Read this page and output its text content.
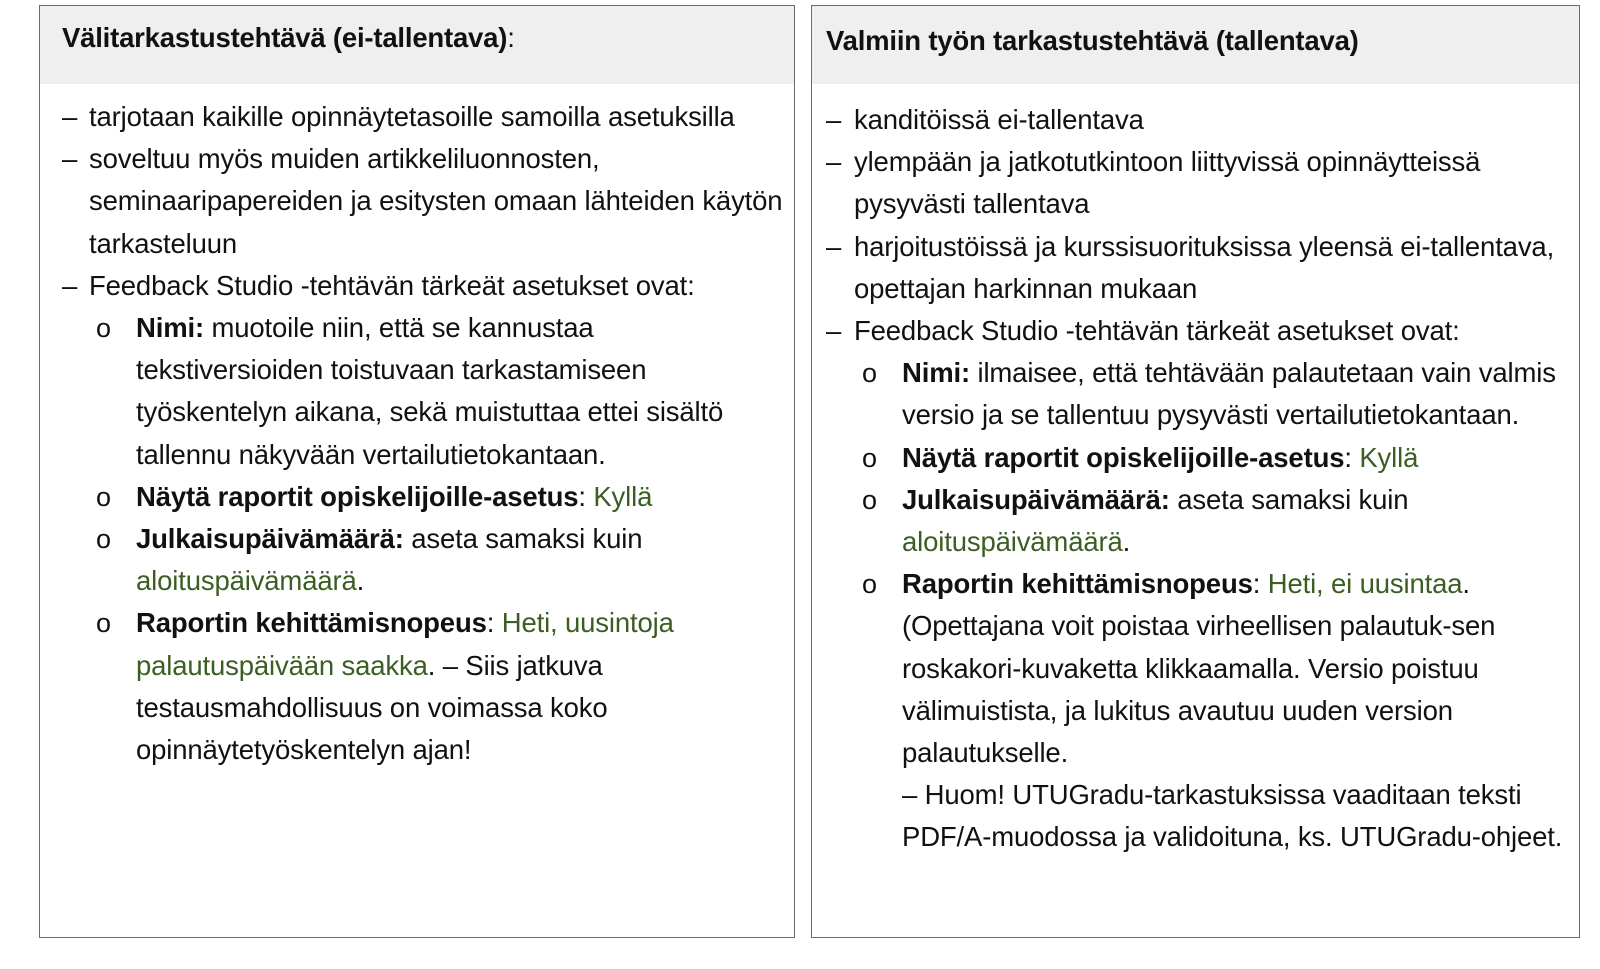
Välitarkastustehtävä (ei-tallentava):
– tarjotaan kaikille opinnäytetasoille samoilla asetuksilla
– soveltuu myös muiden artikkeliluonnosten, seminaaripapereiden ja esitysten omaan lähteiden käytön tarkasteluun
– Feedback Studio -tehtävän tärkeät asetukset ovat:
o Nimi: muotoile niin, että se kannustaa tekstiversioiden toistuvaan tarkastamiseen työskentelyn aikana, sekä muistuttaa ettei sisältö tallennu näkyvään vertailutietokantaan.
o Näytä raportit opiskelijoille-asetus: Kyllä
o Julkaisupäivämäärä: aseta samaksi kuin aloituspäivämäärä.
o Raportin kehittämisnopeus: Heti, uusintoja palautuspäivään saakka. – Siis jatkuva testausmahdollisuus on voimassa koko opinnäytetyöskentelyn ajan!
Valmiin työn tarkastustehtävä (tallentava)
– kanditöissä ei-tallentava
– ylempään ja jatkotutkintoon liittyvissä opinnäytteissä pysyvästi tallentava
– harjoitustöissä ja kurssisuorituksissa yleensä ei-tallentava, opettajan harkinnan mukaan
– Feedback Studio -tehtävän tärkeät asetukset ovat:
o Nimi: ilmaisee, että tehtävään palautetaan vain valmis versio ja se tallentuu pysyvästi vertailutietokantaan.
o Näytä raportit opiskelijoille-asetus: Kyllä
o Julkaisupäivämäärä: aseta samaksi kuin aloituspäivämäärä.
o Raportin kehittämisnopeus: Heti, ei uusintaa. (Opettajana voit poistaa virheellisen palautuk-sen roskakori-kuvaketta klikkaamalla. Versio poistuu välimuistista, ja lukitus avautuu uuden version palautukselle.
– Huom! UTUGradu-tarkastuksissa vaaditaan teksti PDF/A-muodossa ja validoituna, ks. UTUGradu-ohjeet.
